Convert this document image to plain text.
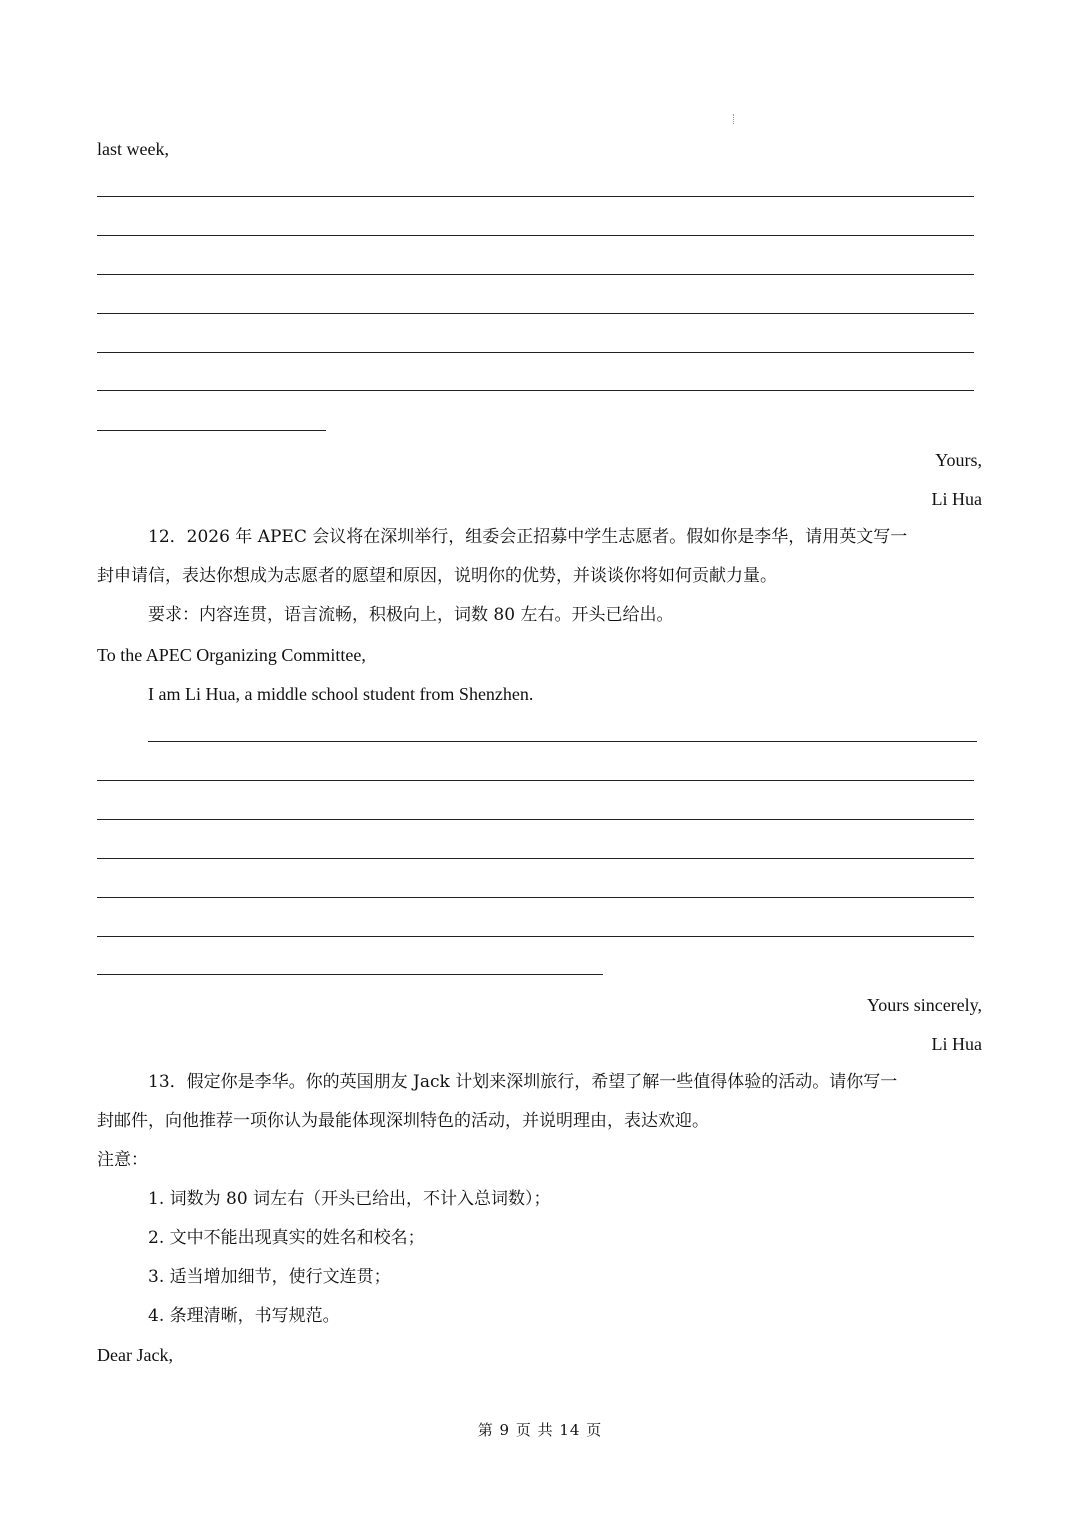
last week,
Yours,
Li Hua
12．2026 年 APEC 会议将在深圳举行，组委会正招募中学生志愿者。假如你是李华，请用英文写一
封申请信，表达你想成为志愿者的愿望和原因，说明你的优势，并谈谈你将如何贡献力量。
要求：内容连贯，语言流畅，积极向上，词数 80 左右。开头已给出。
To the APEC Organizing Committee,
I am Li Hua, a middle school student from Shenzhen.
Yours sincerely,
Li Hua
13．假定你是李华。你的英国朋友 Jack 计划来深圳旅行，希望了解一些值得体验的活动。请你写一
封邮件，向他推荐一项你认为最能体现深圳特色的活动，并说明理由，表达欢迎。
注意：
1. 词数为 80 词左右（开头已给出，不计入总词数）；
2. 文中不能出现真实的姓名和校名；
3. 适当增加细节，使行文连贯；
4. 条理清晰，书写规范。
Dear Jack,
第 9 页 共 14 页
